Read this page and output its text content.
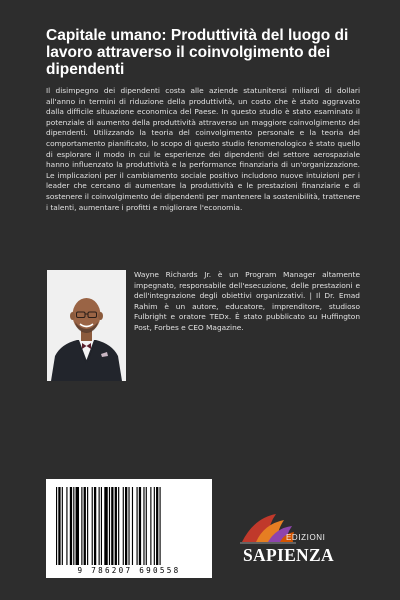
Capitale umano: Produttività del luogo di lavoro attraverso il coinvolgimento dei dipendenti

Il disimpegno dei dipendenti costa alle aziende statunitensi miliardi di dollari all'anno in termini di riduzione della produttività, un costo che è stato aggravato dalla difficile situazione economica del Paese. In questo studio è stato esaminato il potenziale di aumento della produttività attraverso un maggiore coinvolgimento dei dipendenti. Utilizzando la teoria del coinvolgimento personale e la teoria del comportamento pianificato, lo scopo di questo studio fenomenologico è stato quello di esplorare il modo in cui le esperienze dei dipendenti del settore aerospaziale hanno influenzato la produttività e la performance finanziaria di un'organizzazione. Le implicazioni per il cambiamento sociale positivo includono nuove intuizioni per i leader che cercano di aumentare la produttività e le prestazioni finanziarie e di sostenere il coinvolgimento dei dipendenti per mantenere la sostenibilità, trattenere i talenti, aumentare i profitti e migliorare l'economia.

Wayne Richards Jr. è un Program Manager altamente impegnato, responsabile dell'esecuzione, delle prestazioni e dell'integrazione degli obiettivi organizzativi. | Il Dr. Emad Rahim è un autore, educatore, imprenditore, studioso Fulbright e oratore TEDx. È stato pubblicato su Huffington Post, Forbes e CEO Magazine.

9 786207 690558
EDIZIONI
SAPIENZA
